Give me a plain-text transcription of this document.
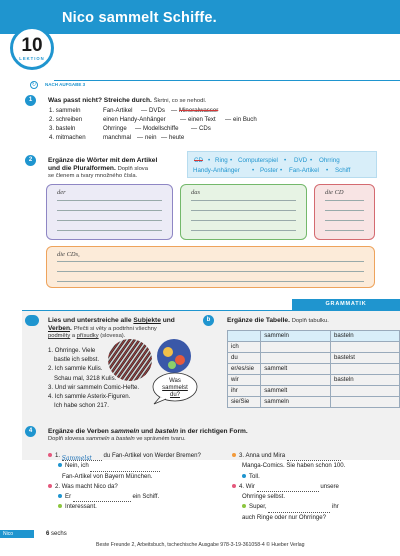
Nico sammelt Schiffe.
10
LEKTION
↻	NACH AUFGABE 3
1	Was passt nicht? Streiche durch. Škrtni, co se nehodí.
1. sammeln	Fan-Artikel — DVDs — Mineralwasser
2. schreiben	einen Handy-Anhänger — einen Text — ein Buch
3. basteln	Ohrringe — Modellschiffe — CDs
4. mitmachen	manchmal — nein — heute
2	Ergänze die Wörter mit dem Artikel
und die Pluralformen. Doplň slova
se členem a tvary množného čísla.
CD • Ring • Computerspiel • DVD • Ohrring
Handy-Anhänger • Poster • Fan-Artikel • Schiff
der	das	die CD
die CDs,
GRAMMATIK
3a	Lies und unterstreiche alle Subjekte und Verben. Přečti si věty a podtrhni všechny
podměty a přísudky (slovesa).
1. Ohrringe. Viele
bastle ich selbst.
2. Ich sammle Kulis.
Schau mal, 3218 Kulis.
3. Und wir sammeln Comic-Hefte.
4. Ich sammle Asterix-Figuren.
Ich habe schon 217.
Was
sammelst
du?
b	Ergänze die Tabelle. Doplň tabulku.
	sammeln	basteln
ich		
du		bastelst
er/es/sie	sammelt	
wir		basteln
ihr	sammelt	
sie/Sie	sammeln	
4	Ergänze die Verben sammeln und basteln in der richtigen Form.
Doplň slovesa sammeln a basteln ve správném tvaru.
1. Sammelst du Fan-Artikel von Werder Bremen?
Nein, ich
Fan-Artikel von Bayern München.
2. Was macht Nico da?
Er	ein Schiff.
Interessant.
3. Anna und Mira
Manga-Comics. Sie haben schon 100.
Toll.
4. Wir	unsere
Ohrringe selbst.
Super,	ihr
auch Ringe oder nur Ohrringe?
Nico	6 sechs
Beste Freunde 2, Arbeitsbuch, tschechische Ausgabe 978-3-19-361058-4 © Hueber Verlag
